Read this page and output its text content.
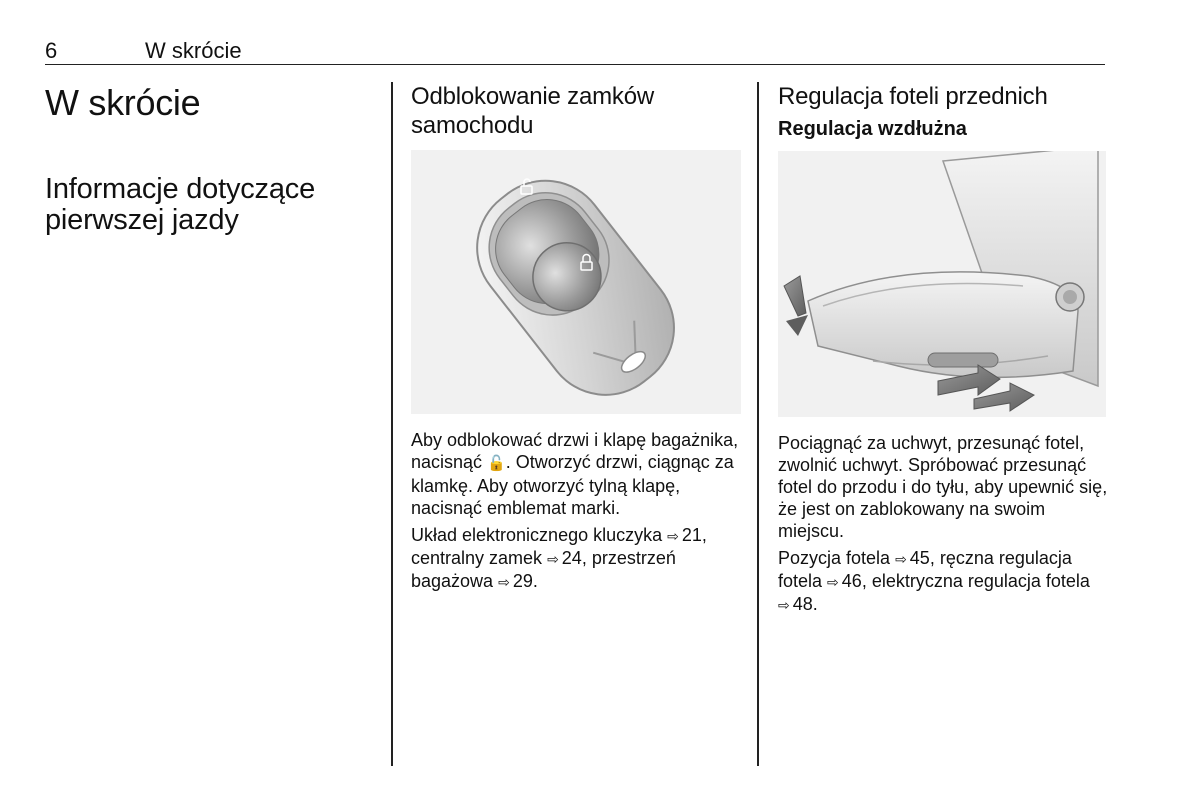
6	W skrócie
W skrócie
Informacje dotyczące pierwszej jazdy
Odblokowanie zamków samochodu

Aby odblokować drzwi i klapę bagażnika, nacisnąć 🔓. Otworzyć drzwi, ciągnąc za klamkę. Aby otworzyć tylną klapę, nacisnąć emblemat marki.

Układ elektronicznego kluczyka ⇨ 21, centralny zamek ⇨ 24, przestrzeń bagażowa ⇨ 29.

Regulacja foteli przednich
Regulacja wzdłużna

Pociągnąć za uchwyt, przesunąć fotel, zwolnić uchwyt. Spróbować przesunąć fotel do przodu i do tyłu, aby upewnić się, że jest on zablokowany na swoim miejscu.

Pozycja fotela ⇨ 45, ręczna regulacja fotela ⇨ 46, elektryczna regulacja fotela ⇨ 48.
